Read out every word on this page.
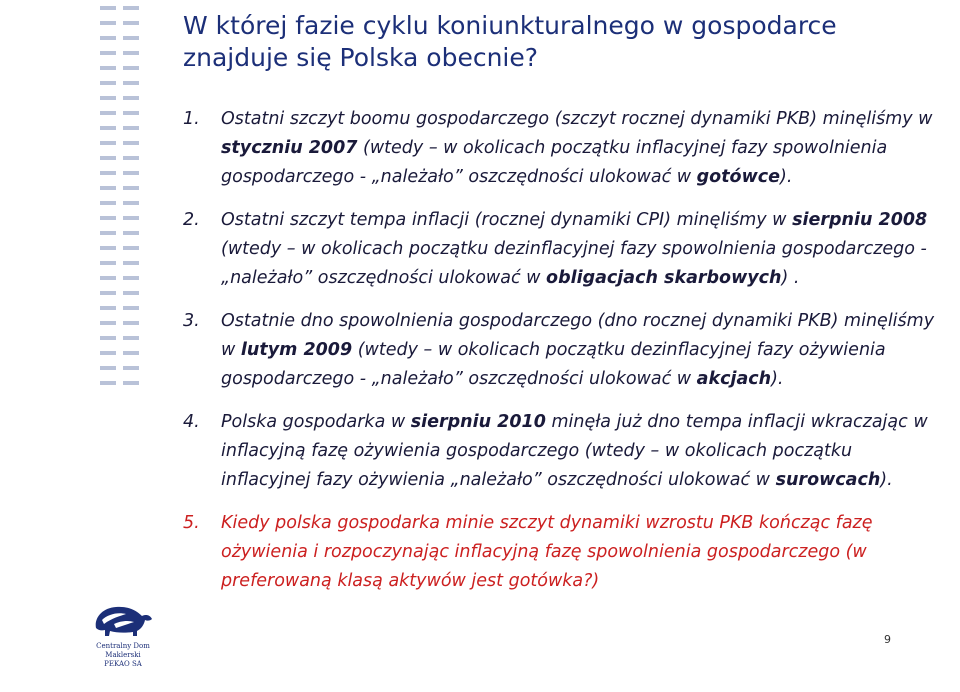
W której fazie cyklu koniunkturalnego w gospodarce znajduje się Polska obecnie?
1. Ostatni szczyt boomu gospodarczego (szczyt rocznej dynamiki PKB) minęliśmy w styczniu 2007 (wtedy – w okolicach początku inflacyjnej fazy spowolnienia gospodarczego - „należało” oszczędności ulokować w gotówce).
2. Ostatni szczyt tempa inflacji (rocznej dynamiki CPI) minęliśmy w sierpniu 2008 (wtedy – w okolicach początku dezinflacyjnej fazy spowolnienia gospodarczego - „należało” oszczędności ulokować w obligacjach skarbowych) .
3. Ostatnie dno spowolnienia gospodarczego (dno rocznej dynamiki PKB) minęliśmy w lutym 2009 (wtedy – w okolicach początku dezinflacyjnej fazy ożywienia gospodarczego - „należało” oszczędności ulokować w akcjach).
4. Polska gospodarka w sierpniu 2010 minęła już dno tempa inflacji wkraczając w inflacyjną fazę ożywienia gospodarczego (wtedy – w okolicach początku inflacyjnej fazy ożywienia „należało” oszczędności ulokować w surowcach).
5. Kiedy polska gospodarka minie szczyt dynamiki wzrostu PKB kończąc fazę ożywienia i rozpoczynając inflacyjną fazę spowolnienia gospodarczego (w preferowaną klasą aktywów jest gotówka?)
Centralny Dom Maklerski
PEKAO SA
9
